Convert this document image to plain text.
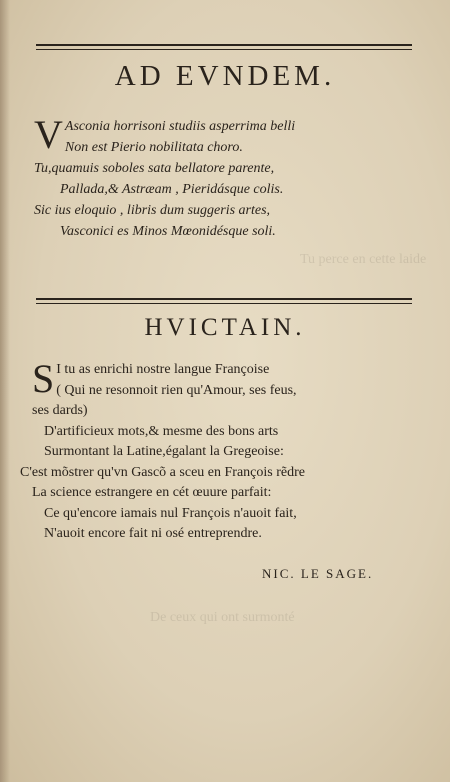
Tu perce en cette laide
De ceux qui ont surmonté
AD EVNDEM.
V Asconia horrisoni studiis asperrima belli
Non est Pierio nobilitata choro.
Tu,quamuis soboles sata bellatore parente,
Pallada,& Astræam , Pieridásque colis.
Sic ius eloquio , libris dum suggeris artes,
Vasconici es Minos Mœonidésque soli.
HVICTAIN.
S I tu as enrichi nostre langue Françoise
( Qui ne resonnoit rien qu'Amour, ses feus,
ses dards)
D'artificieux mots,& mesme des bons arts
Surmontant la Latine,égalant la Gregeoise:
C'est mõstrer qu'vn Gascõ a sceu en François rẽdre
La science estrangere en cét œuure parfait:
Ce qu'encore iamais nul François n'auoit fait,
N'auoit encore fait ni osé entreprendre.
NIC. LE SAGE.
